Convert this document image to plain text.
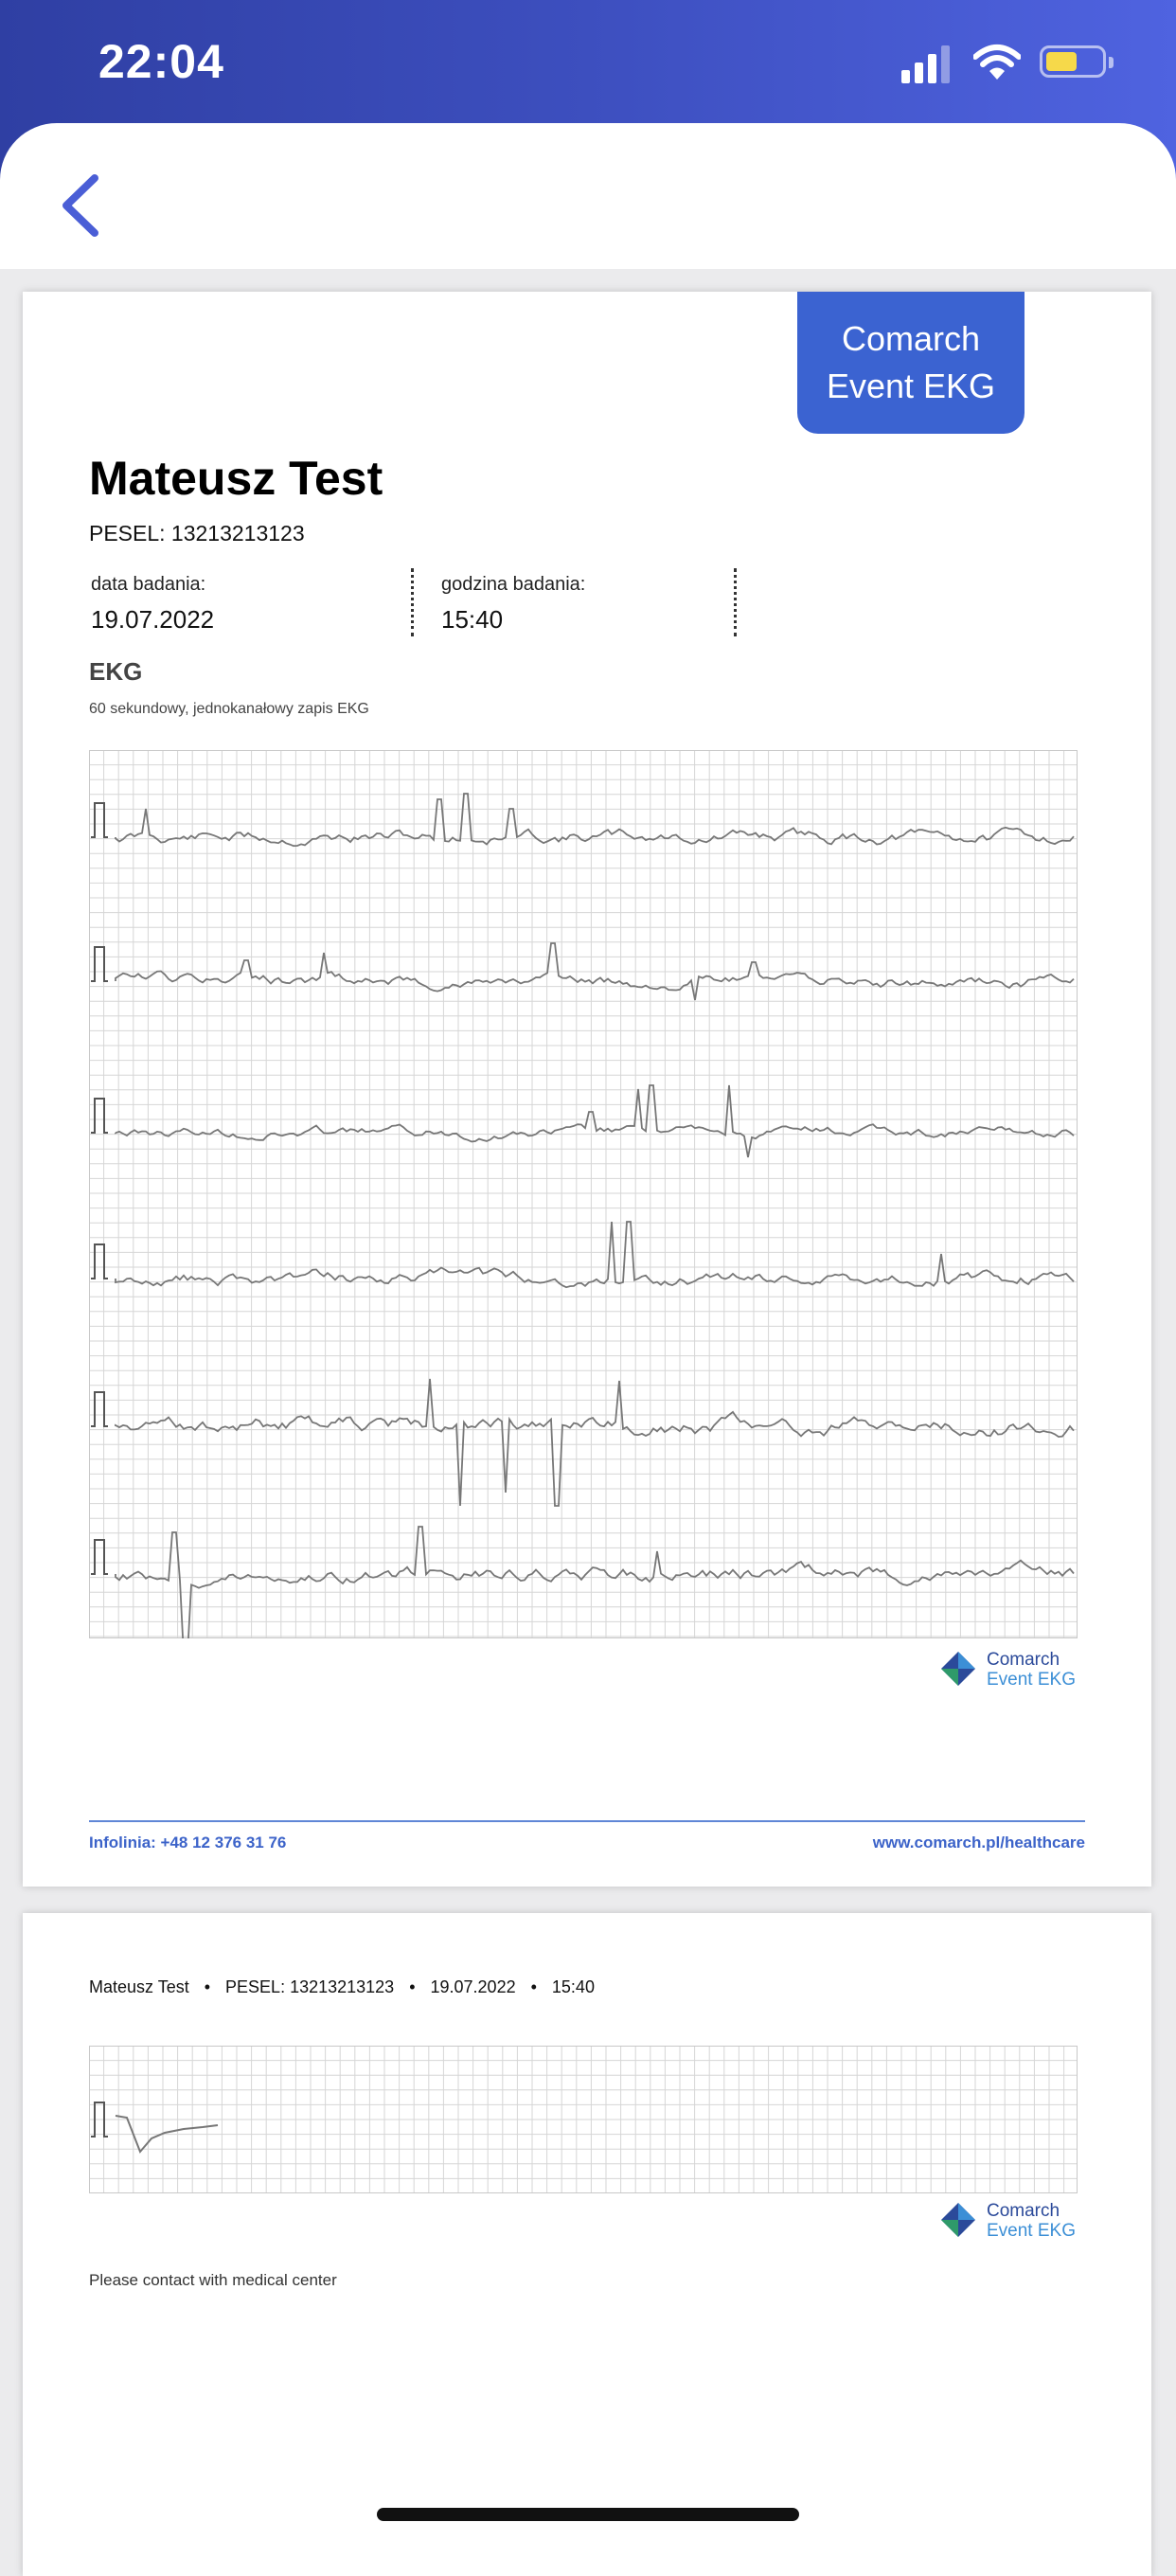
22:04
Comarch
Event EKG
Mateusz Test
PESEL: 13213213123
data badania:
19.07.2022
godzina badania:
15:40
EKG
60 sekundowy, jednokanałowy zapis EKG
Comarch
Event EKG
Infolinia: +48 12 376 31 76	www.comarch.pl/healthcare
Mateusz Test • PESEL: 13213213123 • 19.07.2022 • 15:40
Comarch
Event EKG
Please contact with medical center
